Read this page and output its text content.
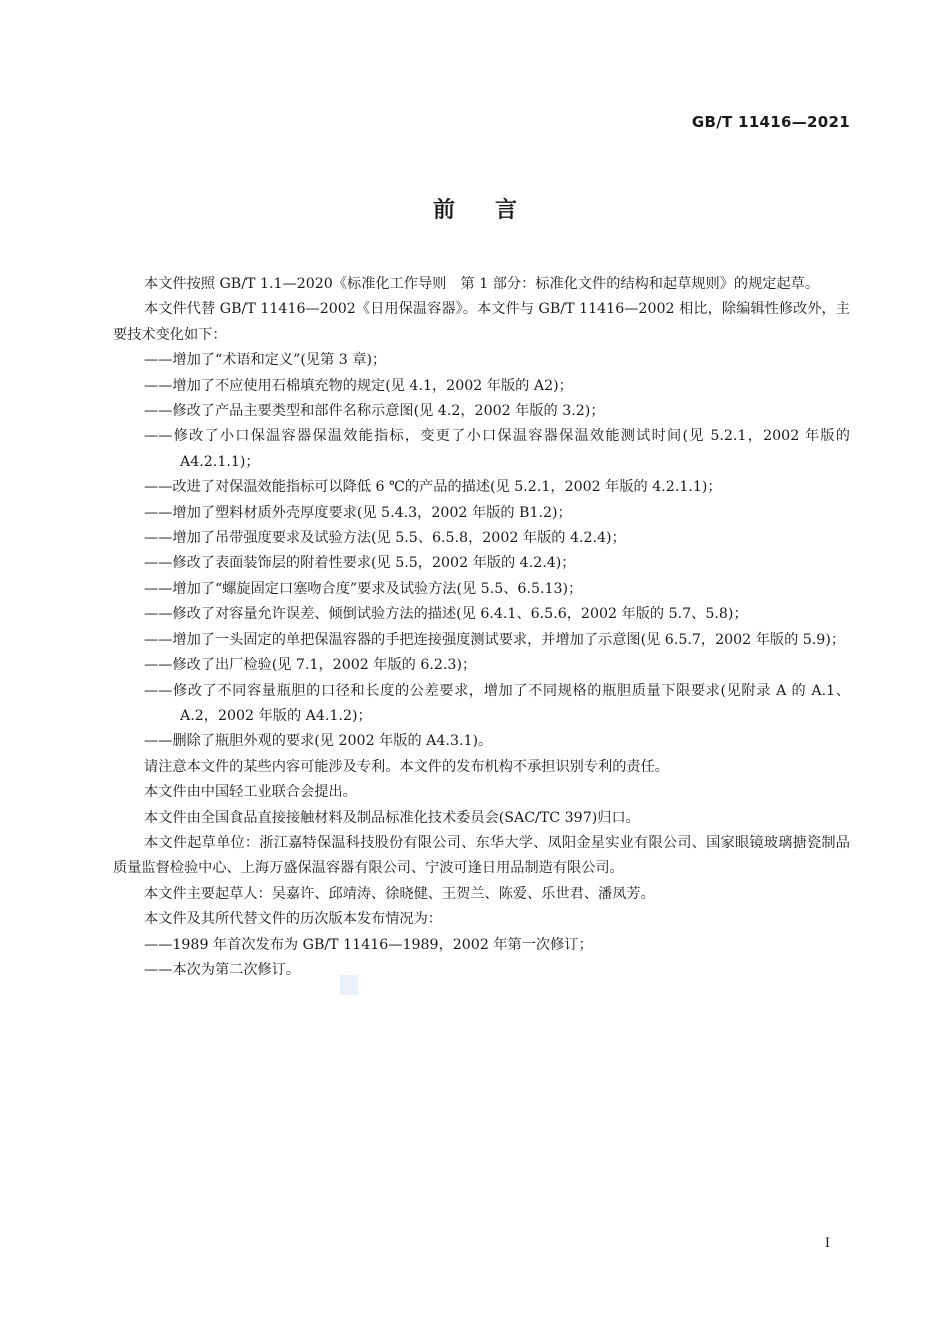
GB/T 11416—2021
前言

本文件按照 GB/T 1.1—2020《标准化工作导则　第 1 部分：标准化文件的结构和起草规则》的规定起草。

本文件代替 GB/T 11416—2002《日用保温容器》。本文件与 GB/T 11416—2002 相比，除编辑性修改外，主要技术变化如下：

——增加了“术语和定义”(见第 3 章)；

——增加了不应使用石棉填充物的规定(见 4.1，2002 年版的 A2)；

——修改了产品主要类型和部件名称示意图(见 4.2，2002 年版的 3.2)；

——修改了小口保温容器保温效能指标，变更了小口保温容器保温效能测试时间(见 5.2.1，2002 年版的 A4.2.1.1)；

——改进了对保温效能指标可以降低 6 ℃的产品的描述(见 5.2.1，2002 年版的 4.2.1.1)；

——增加了塑料材质外壳厚度要求(见 5.4.3，2002 年版的 B1.2)；

——增加了吊带强度要求及试验方法(见 5.5、6.5.8，2002 年版的 4.2.4)；

——修改了表面装饰层的附着性要求(见 5.5，2002 年版的 4.2.4)；

——增加了“螺旋固定口塞吻合度”要求及试验方法(见 5.5、6.5.13)；

——修改了对容量允许误差、倾倒试验方法的描述(见 6.4.1、6.5.6，2002 年版的 5.7、5.8)；

——增加了一头固定的单把保温容器的手把连接强度测试要求，并增加了示意图(见 6.5.7，2002 年版的 5.9)；

——修改了出厂检验(见 7.1，2002 年版的 6.2.3)；

——修改了不同容量瓶胆的口径和长度的公差要求，增加了不同规格的瓶胆质量下限要求(见附录 A 的 A.1、A.2，2002 年版的 A4.1.2)；

——删除了瓶胆外观的要求(见 2002 年版的 A4.3.1)。

请注意本文件的某些内容可能涉及专利。本文件的发布机构不承担识别专利的责任。

本文件由中国轻工业联合会提出。

本文件由全国食品直接接触材料及制品标准化技术委员会(SAC/TC 397)归口。

本文件起草单位：浙江嘉特保温科技股份有限公司、东华大学、凤阳金星实业有限公司、国家眼镜玻璃搪瓷制品质量监督检验中心、上海万盛保温容器有限公司、宁波可逢日用品制造有限公司。

本文件主要起草人：吴嘉许、邱靖涛、徐晓健、王贺兰、陈爱、乐世君、潘凤芳。

本文件及其所代替文件的历次版本发布情况为：

——1989 年首次发布为 GB/T 11416—1989，2002 年第一次修订；

——本次为第二次修订。

I
